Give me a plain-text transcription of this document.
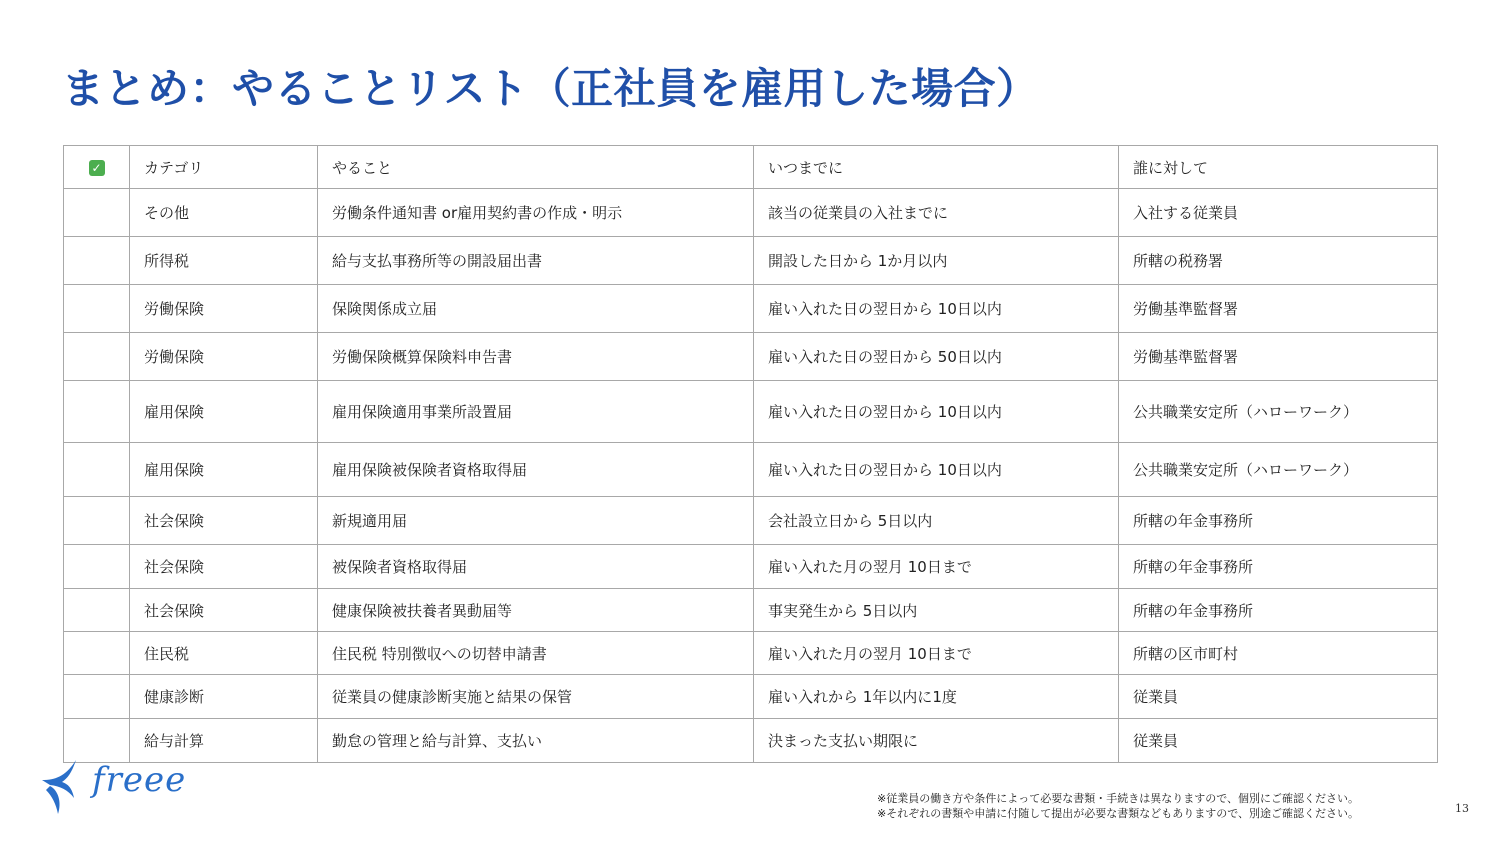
まとめ：やることリスト（正社員を雇用した場合）
✓	カテゴリ	やること	いつまでに	誰に対して
	その他	労働条件通知書 or雇用契約書の作成・明示	該当の従業員の入社までに	入社する従業員
	所得税	給与支払事務所等の開設届出書	開設した日から 1か月以内	所轄の税務署
	労働保険	保険関係成立届	雇い入れた日の翌日から 10日以内	労働基準監督署
	労働保険	労働保険概算保険料申告書	雇い入れた日の翌日から 50日以内	労働基準監督署
	雇用保険	雇用保険適用事業所設置届	雇い入れた日の翌日から 10日以内	公共職業安定所（ハローワーク）
	雇用保険	雇用保険被保険者資格取得届	雇い入れた日の翌日から 10日以内	公共職業安定所（ハローワーク）
	社会保険	新規適用届	会社設立日から 5日以内	所轄の年金事務所
	社会保険	被保険者資格取得届	雇い入れた月の翌月 10日まで	所轄の年金事務所
	社会保険	健康保険被扶養者異動届等	事実発生から 5日以内	所轄の年金事務所
	住民税	住民税 特別徴収への切替申請書	雇い入れた月の翌月 10日まで	所轄の区市町村
	健康診断	従業員の健康診断実施と結果の保管	雇い入れから 1年以内に1度	従業員
	給与計算	勤怠の管理と給与計算、支払い	決まった支払い期限に	従業員
freee	※従業員の働き方や条件によって必要な書類・手続きは異なりますので、個別にご確認ください。
※それぞれの書類や申請に付随して提出が必要な書類などもありますので、別途ご確認ください。	13
